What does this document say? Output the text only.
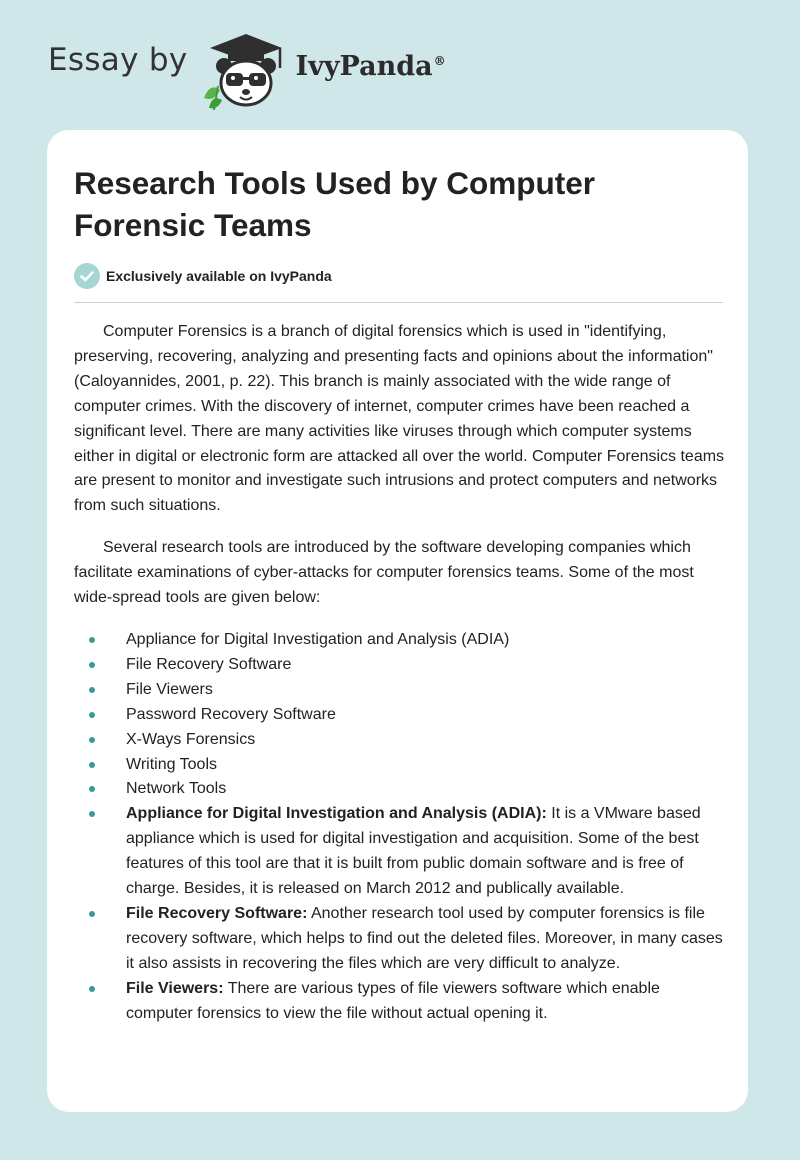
Essay by	IvyPanda®
Research Tools Used by Computer Forensic Teams
Exclusively available on IvyPanda

Computer Forensics is a branch of digital forensics which is used in "identifying, preserving, recovering, analyzing and presenting facts and opinions about the information" (Caloyannides, 2001, p. 22). This branch is mainly associated with the wide range of computer crimes. With the discovery of internet, computer crimes have been reached a significant level. There are many activities like viruses through which computer systems either in digital or electronic form are attacked all over the world. Computer Forensics teams are present to monitor and investigate such intrusions and protect computers and networks from such situations.

Several research tools are introduced by the software developing companies which facilitate examinations of cyber-attacks for computer forensics teams. Some of the most wide-spread tools are given below:

Appliance for Digital Investigation and Analysis (ADIA)
File Recovery Software
File Viewers
Password Recovery Software
X-Ways Forensics
Writing Tools
Network Tools
Appliance for Digital Investigation and Analysis (ADIA): It is a VMware based appliance which is used for digital investigation and acquisition. Some of the best features of this tool are that it is built from public domain software and is free of charge. Besides, it is released on March 2012 and publically available.
File Recovery Software: Another research tool used by computer forensics is file recovery software, which helps to find out the deleted files. Moreover, in many cases it also assists in recovering the files which are very difficult to analyze.
File Viewers: There are various types of file viewers software which enable computer forensics to view the file without actual opening it.
